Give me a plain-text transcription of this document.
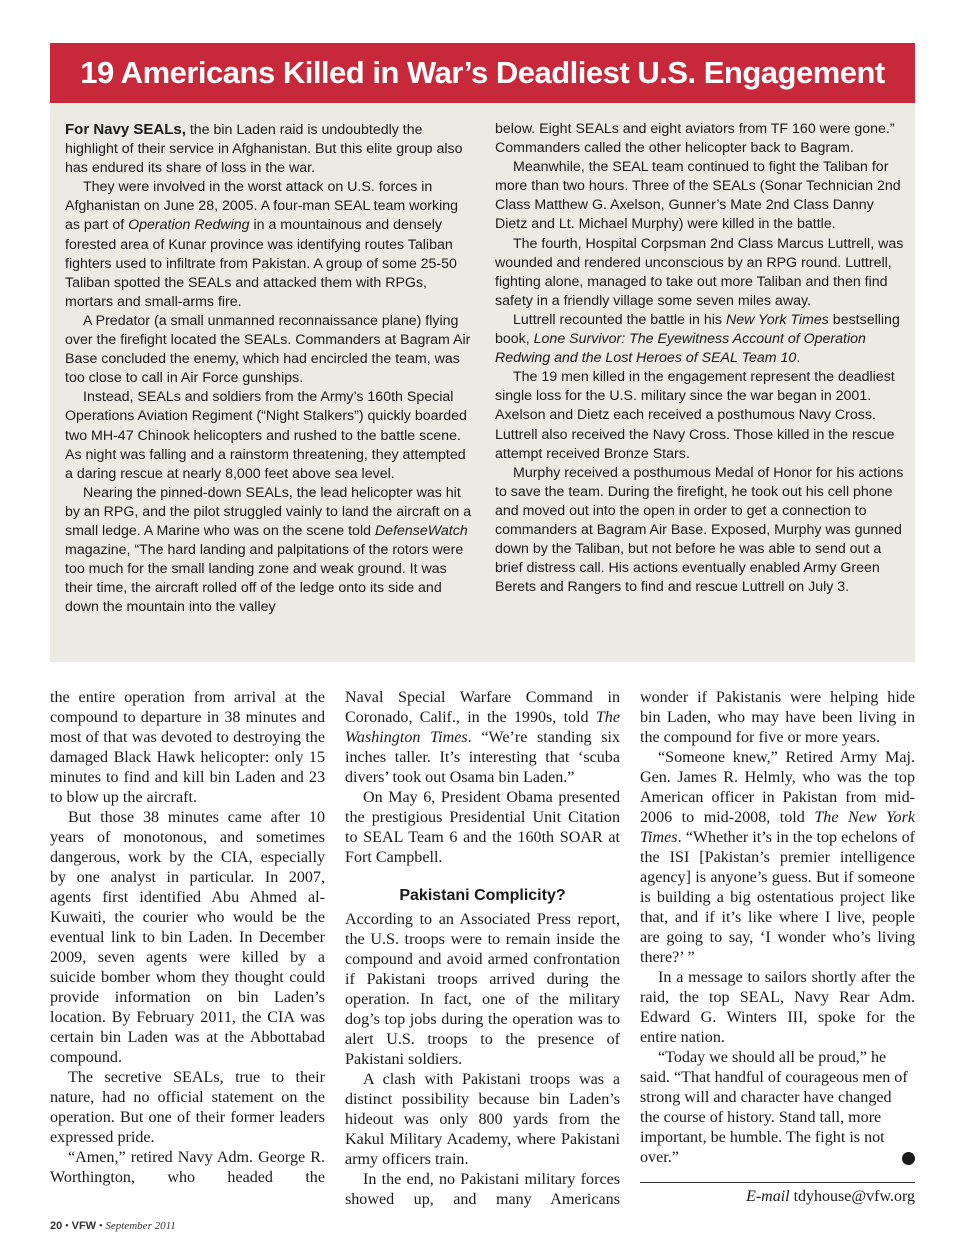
19 Americans Killed in War’s Deadliest U.S. Engagement

For Navy SEALs, the bin Laden raid is undoubtedly the highlight of their service in Afghanistan. But this elite group also has endured its share of loss in the war.

They were involved in the worst attack on U.S. forces in Afghanistan on June 28, 2005. A four-man SEAL team working as part of Operation Redwing in a mountainous and densely forested area of Kunar province was identifying routes Taliban fighters used to infiltrate from Pakistan. A group of some 25-50 Taliban spotted the SEALs and attacked them with RPGs, mortars and small-arms fire.

A Predator (a small unmanned reconnaissance plane) flying over the firefight located the SEALs. Commanders at Bagram Air Base concluded the enemy, which had encircled the team, was too close to call in Air Force gunships.

Instead, SEALs and soldiers from the Army’s 160th Special Operations Aviation Regiment (“Night Stalkers”) quickly boarded two MH-47 Chinook helicopters and rushed to the battle scene. As night was falling and a rainstorm threatening, they attempted a daring rescue at nearly 8,000 feet above sea level.

Nearing the pinned-down SEALs, the lead helicopter was hit by an RPG, and the pilot struggled vainly to land the aircraft on a small ledge. A Marine who was on the scene told DefenseWatch magazine, “The hard landing and palpitations of the rotors were too much for the small landing zone and weak ground. It was their time, the aircraft rolled off of the ledge onto its side and down the mountain into the valley

below. Eight SEALs and eight aviators from TF 160 were gone.” Commanders called the other helicopter back to Bagram.

Meanwhile, the SEAL team continued to fight the Taliban for more than two hours. Three of the SEALs (Sonar Technician 2nd Class Matthew G. Axelson, Gunner’s Mate 2nd Class Danny Dietz and Lt. Michael Murphy) were killed in the battle.

The fourth, Hospital Corpsman 2nd Class Marcus Luttrell, was wounded and rendered unconscious by an RPG round. Luttrell, fighting alone, managed to take out more Taliban and then find safety in a friendly village some seven miles away.

Luttrell recounted the battle in his New York Times bestselling book, Lone Survivor: The Eyewitness Account of Operation Redwing and the Lost Heroes of SEAL Team 10.

The 19 men killed in the engagement represent the deadliest single loss for the U.S. military since the war began in 2001. Axelson and Dietz each received a posthumous Navy Cross. Luttrell also received the Navy Cross. Those killed in the rescue attempt received Bronze Stars.

Murphy received a posthumous Medal of Honor for his actions to save the team. During the firefight, he took out his cell phone and moved out into the open in order to get a connection to commanders at Bagram Air Base. Exposed, Murphy was gunned down by the Taliban, but not before he was able to send out a brief distress call. His actions eventually enabled Army Green Berets and Rangers to find and rescue Luttrell on July 3.

the entire operation from arrival at the compound to departure in 38 minutes and most of that was devoted to destroying the damaged Black Hawk helicopter: only 15 minutes to find and kill bin Laden and 23 to blow up the aircraft.

But those 38 minutes came after 10 years of monotonous, and sometimes dangerous, work by the CIA, especially by one analyst in particular. In 2007, agents first identified Abu Ahmed al-Kuwaiti, the courier who would be the eventual link to bin Laden. In December 2009, seven agents were killed by a suicide bomber whom they thought could provide information on bin Laden’s location. By February 2011, the CIA was certain bin Laden was at the Abbottabad compound.

The secretive SEALs, true to their nature, had no official statement on the operation. But one of their former leaders expressed pride.

“Amen,” retired Navy Adm. George R. Worthington, who headed the

Naval Special Warfare Command in Coronado, Calif., in the 1990s, told The Washington Times. “We’re standing six inches taller. It’s interesting that ‘scuba divers’ took out Osama bin Laden.”

On May 6, President Obama presented the prestigious Presidential Unit Citation to SEAL Team 6 and the 160th SOAR at Fort Campbell.

Pakistani Complicity?

According to an Associated Press report, the U.S. troops were to remain inside the compound and avoid armed confrontation if Pakistani troops arrived during the operation. In fact, one of the military dog’s top jobs during the operation was to alert U.S. troops to the presence of Pakistani soldiers.

A clash with Pakistani troops was a distinct possibility because bin Laden’s hideout was only 800 yards from the Kakul Military Academy, where Pakistani army officers train.

In the end, no Pakistani military forces showed up, and many Americans

wonder if Pakistanis were helping hide bin Laden, who may have been living in the compound for five or more years.

“Someone knew,” Retired Army Maj. Gen. James R. Helmly, who was the top American officer in Pakistan from mid-2006 to mid-2008, told The New York Times. “Whether it’s in the top echelons of the ISI [Pakistan’s premier intelligence agency] is anyone’s guess. But if someone is building a big ostentatious project like that, and if it’s like where I live, people are going to say, ‘I wonder who’s living there?’ ”

In a message to sailors shortly after the raid, the top SEAL, Navy Rear Adm. Edward G. Winters III, spoke for the entire nation.

“Today we should all be proud,” he said. “That handful of courageous men of strong will and character have changed the course of history. Stand tall, more important, be humble. The fight is not over.”	✪

E-mail tdyhouse@vfw.org
20 • VFW • September 2011
